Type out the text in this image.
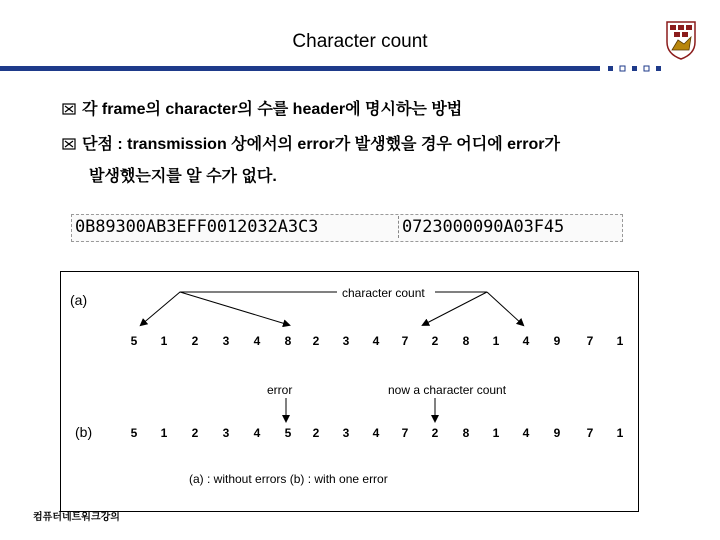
Character count
각 frame의 character의 수를 header에 명시하는 방법
단점 : transmission 상에서의 error가 발생했을 경우 어디에 error가
발생했는지를 알 수가 없다.
0B89300AB3EFF0012032A3C3	0723000090A03F45
(a)
(b)
character count
error	now a character count
(a) : without errors (b) : with one error
5	1	2	3	4	8	2	3	4	7	2	8	1	4	9	7	1
5	1	2	3	4	5	2	3	4	7	2	8	1	4	9	7	1
컴퓨터네트워크강의
